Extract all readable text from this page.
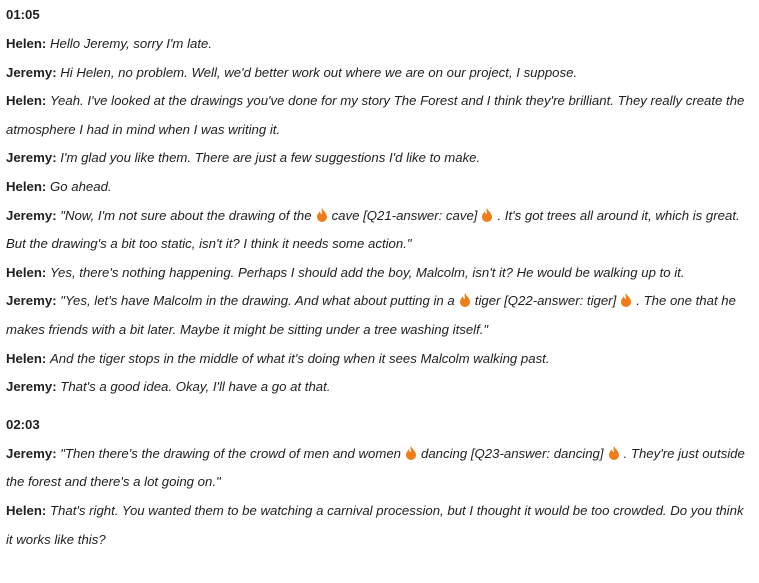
01:05

Helen: Hello Jeremy, sorry I'm late.

Jeremy: Hi Helen, no problem. Well, we'd better work out where we are on our project, I suppose.

Helen: Yeah. I've looked at the drawings you've done for my story The Forest and I think they're brilliant. They really create the atmosphere I had in mind when I was writing it.

Jeremy: I'm glad you like them. There are just a few suggestions I'd like to make.

Helen: Go ahead.

Jeremy: "Now, I'm not sure about the drawing of the cave [Q21-answer: cave] . It's got trees all around it, which is great. But the drawing's a bit too static, isn't it? I think it needs some action."

Helen: Yes, there's nothing happening. Perhaps I should add the boy, Malcolm, isn't it? He would be walking up to it.

Jeremy: "Yes, let's have Malcolm in the drawing. And what about putting in a tiger [Q22-answer: tiger] . The one that he makes friends with a bit later. Maybe it might be sitting under a tree washing itself."

Helen: And the tiger stops in the middle of what it's doing when it sees Malcolm walking past.

Jeremy: That's a good idea. Okay, I'll have a go at that.

02:03

Jeremy: "Then there's the drawing of the crowd of men and women dancing [Q23-answer: dancing] . They're just outside the forest and there's a lot going on."

Helen: That's right. You wanted them to be watching a carnival procession, but I thought it would be too crowded. Do you think it works like this?
